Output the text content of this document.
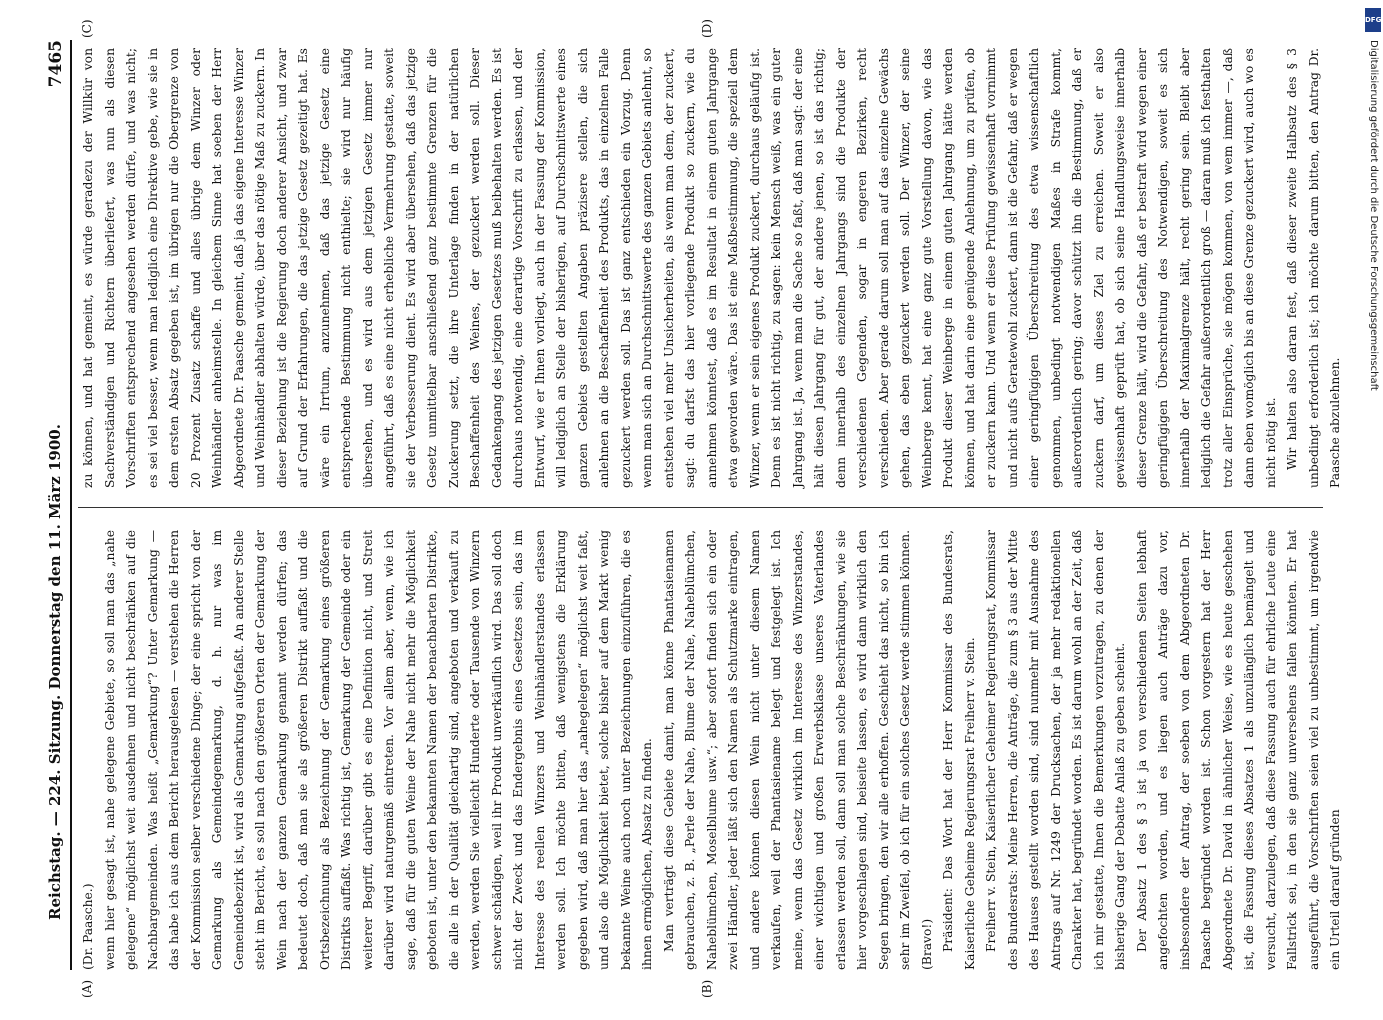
Reichstag. — 224. Sitzung. Donnerstag den 11. März 1900.
7465

(Dr. Paasche.) wenn hier gesagt ist, nahe gelegene Gebiete, so soll man das „nahe gelegene“ möglichst weit ausdehnen und nicht beschränken auf die Nachbargemeinden. Was heißt „Gemarkung“? Unter Gemarkung — das habe ich aus dem Bericht herausgelesen — verstehen die Herren der Kommission selber verschiedene Dinge; der eine spricht von der Gemarkung als Gemeindegemarkung, d. h. nur was im Gemeindebezirk ist, wird als Gemarkung aufgefaßt. An anderer Stelle steht im Bericht, es soll nach den größeren Orten der Gemarkung der Wein nach der ganzen Gemarkung genannt werden dürfen; das bedeutet doch, daß man sie als größeren Distrikt auffaßt und die Ortsbezeichnung als Bezeichnung der Gemarkung eines größeren Distrikts auffaßt. Was richtig ist, Gemarkung der Gemeinde oder ein weiterer Begriff, darüber gibt es eine Definition nicht, und Streit darüber wird naturgemäß eintreten. Vor allem aber, wenn, wie ich sage, daß für die guten Weine der Nahe nicht mehr die Möglichkeit geboten ist, unter den bekannten Namen der benachbarten Distrikte, die alle in der Qualität gleichartig sind, angeboten und verkauft zu werden, werden Sie vielleicht Hunderte oder Tausende von Winzern schwer schädigen, weil ihr Produkt unverkäuflich wird. Das soll doch nicht der Zweck und das Endergebnis eines Gesetzes sein, das im Interesse des reellen Winzers und Weinhändlerstandes erlassen werden soll. Ich möchte bitten, daß wenigstens die Erklärung gegeben wird, daß man hier das „nahegelegen“ möglichst weit faßt, und also die Möglichkeit bietet, solche bisher auf dem Markt wenig bekannte Weine auch noch unter Bezeichnungen einzuführen, die es ihnen ermöglichen, Absatz zu finden. Man verträgt diese Gebiete damit, man könne Phantasienamen gebrauchen, z. B. „Perle der Nahe, Blume der Nahe, Naheblümchen, Naheblümchen, Moselblume usw.“; aber sofort finden sich ein oder zwei Händler, jeder läßt sich den Namen als Schutzmarke eintragen, und andere können diesen Wein nicht unter diesem Namen verkaufen, weil der Phantasiename belegt und festgelegt ist. Ich meine, wenn das Gesetz wirklich im Interesse des Winzerstandes, einer wichtigen und großen Erwerbsklasse unseres Vaterlandes erlassen werden soll, dann soll man solche Beschränkungen, wie sie hier vorgeschlagen sind, beiseite lassen, es wird dann wirklich den Segen bringen, den wir alle erhoffen. Geschieht das nicht, so bin ich sehr im Zweifel, ob ich für ein solches Gesetz werde stimmen können. (Bravo!) Präsident: Das Wort hat der Herr Kommissar des Bundesrats, Kaiserliche Geheime Regierungsrat Freiherr v. Stein. Freiherr v. Stein, Kaiserlicher Geheimer Regierungsrat, Kommissar des Bundesrats: Meine Herren, die Anträge, die zum § 3 aus der Mitte des Hauses gestellt worden sind, sind nunmehr mit Ausnahme des Antrags auf Nr. 1249 der Drucksachen, der ja mehr redaktionellen Charakter hat, begründet worden. Es ist darum wohl an der Zeit, daß ich mir gestatte, Ihnen die Bemerkungen vorzutragen, zu denen der bisherige Gang der Debatte Anlaß zu geben scheint. Der Absatz 1 des § 3 ist ja von verschiedenen Seiten lebhaft angefochten worden, und es liegen auch Anträge dazu vor, insbesondere der Antrag, der soeben von dem Abgeordneten Dr. Paasche begründet worden ist. Schon vorgestern hat der Herr Abgeordnete Dr. David in ähnlicher Weise, wie es heute geschehen ist, die Fassung dieses Absatzes 1 als unzulänglich bemängelt und versucht, darzulegen, daß diese Fassung auch für ehrliche Leute eine Fallstrick sei, in den sie ganz unversehens fallen könnten. Er hat ausgeführt, die Vorschriften seien viel zu unbestimmt, um irgendwie ein Urteil darauf gründen

zu können, und hat gemeint, es würde geradezu der Willkür von Sachverständigen und Richtern überliefert, was nun als diesen Vorschriften entsprechend angesehen werden dürfe, und was nicht; es sei viel besser, wenn man lediglich eine Direktive gebe, wie sie in dem ersten Absatz gegeben ist, im übrigen nur die Obergrenze von 20 Prozent Zusatz schaffe und alles übrige dem Winzer oder Weinhändler anheimstelle. In gleichem Sinne hat soeben der Herr Abgeordnete Dr. Paasche gemeint, daß ja das eigene Interesse Winzer und Weinhändler abhalten würde, über das nötige Maß zu zuckern. In dieser Beziehung ist die Regierung doch anderer Ansicht, und zwar auf Grund der Erfahrungen, die das jetzige Gesetz gezeitigt hat. Es wäre ein Irrtum, anzunehmen, daß das jetzige Gesetz eine entsprechende Bestimmung nicht enthielte; sie wird nur häufig übersehen, und es wird aus dem jetzigen Gesetz immer nur angeführt, daß es eine nicht erhebliche Vermehrung gestatte, soweit sie der Verbesserung dient. Es wird aber übersehen, daß das jetzige Gesetz unmittelbar anschließend ganz bestimmte Grenzen für die Zuckerung setzt, die ihre Unterlage finden in der natürlichen Beschaffenheit des Weines, der gezuckert werden soll. Dieser Gedankengang des jetzigen Gesetzes muß beibehalten werden. Es ist durchaus notwendig, eine derartige Vorschrift zu erlassen, und der Entwurf, wie er Ihnen vorliegt, auch in der Fassung der Kommission, will lediglich an Stelle der bisherigen, auf Durchschnittswerte eines ganzen Gebiets gestellten Angaben präzisere stellen, die sich anlehnen an die Beschaffenheit des Produkts, das in einzelnen Falle gezuckert werden soll. Das ist ganz entschieden ein Vorzug. Denn wenn man sich an Durchschnittswerte des ganzen Gebiets anlehnt, so entstehen viel mehr Unsicherheiten, als wenn man dem, der zuckert, sagt: du darfst das hier vorliegende Produkt so zuckern, wie du annehmen könntest, daß es im Resultat in einem guten Jahrgange etwa geworden wäre. Das ist eine Maßbestimmung, die speziell dem Winzer, wenn er sein eigenes Produkt zuckert, durchaus geläufig ist. Denn es ist nicht richtig, zu sagen: kein Mensch weiß, was ein guter Jahrgang ist. Ja, wenn man die Sache so faßt, daß man sagt: der eine hält diesen Jahrgang für gut, der andere jenen, so ist das richtig; denn innerhalb des einzelnen Jahrgangs sind die Produkte der verschiedenen Gegenden, sogar in engeren Bezirken, recht verschieden. Aber gerade darum soll man auf das einzelne Gewächs gehen, das eben gezuckert werden soll. Der Winzer, der seine Weinberge kennt, hat eine ganz gute Vorstellung davon, wie das Produkt dieser Weinberge in einem guten Jahrgang hätte werden können, und hat darin eine genügende Anlehnung, um zu prüfen, ob er zuckern kann. Und wenn er diese Prüfung gewissenhaft vornimmt und nicht aufs Geratewohl zuckert, dann ist die Gefahr, daß er wegen einer geringfügigen Überschreitung des etwa wissenschaftlich genommen, unbedingt notwendigen Maßes in Strafe kommt, außerordentlich gering; davor schützt ihn die Bestimmung, daß er zuckern darf, um dieses Ziel zu erreichen. Soweit er also gewissenhaft geprüft hat, ob sich seine Handlungsweise innerhalb dieser Grenze hält, wird die Gefahr, daß er bestraft wird wegen einer geringfügigen Überschreitung des Notwendigen, soweit es sich innerhalb der Maximalgrenze hält, recht gering sein. Bleibt aber lediglich die Gefahr außerordentlich groß — daran muß ich festhalten trotz aller Einsprüche, sie mögen kommen, von wem immer —, daß dann eben womöglich bis an diese Grenze gezuckert wird, auch wo es nicht nötig ist. Wir halten also daran fest, daß dieser zweite Halbsatz des § 3 unbedingt erforderlich ist; ich möchte darum bitten, den Antrag Dr. Paasche abzulehnen.

(A)	(B)
(C)	(D)	DFG
Digitalisierung gefördert durch die Deutsche Forschungsgemeinschaft
